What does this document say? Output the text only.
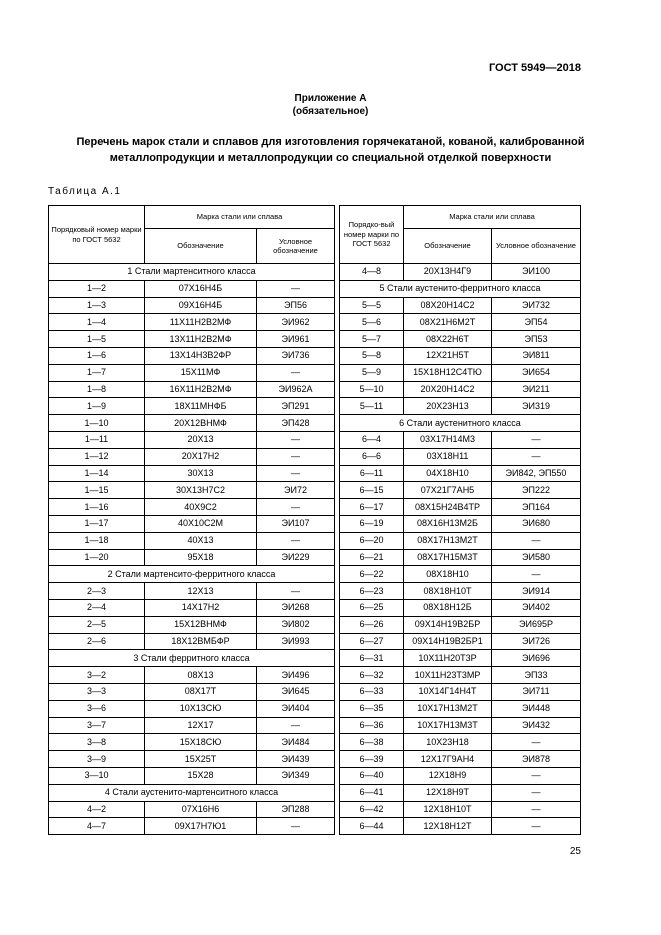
ГОСТ 5949—2018
Приложение А
(обязательное)
Перечень марок стали и сплавов для изготовления горячекатаной, кованой, калиброванной
металлопродукции и металлопродукции со специальной отделкой поверхности
Таблица А.1
Порядковый номер марки по ГОСТ 5632	Марка стали или сплава	
	Обозначение	Условное обозначение
1 Стали мартенситного класса		
1—2	07Х16Н4Б	—
1—3	09Х16Н4Б	ЭП56
1—4	11Х11Н2В2МФ	ЭИ962
1—5	13Х11Н2В2МФ	ЭИ961
1—6	13Х14Н3В2ФР	ЭИ736
1—7	15Х11МФ	—
1—8	16Х11Н2В2МФ	ЭИ962А
1—9	18Х11МНФБ	ЭП291
1—10	20Х12ВНМФ	ЭП428
1—11	20Х13	—
1—12	20Х17Н2	—
1—14	30Х13	—
1—15	30Х13Н7С2	ЭИ72
1—16	40Х9С2	—
1—17	40Х10С2М	ЭИ107
1—18	40Х13	—
1—20	95Х18	ЭИ229
2 Стали мартенсито-ферритного класса		
2—3	12Х13	—
2—4	14Х17Н2	ЭИ268
2—5	15Х12ВНМФ	ЭИ802
2—6	18Х12ВМБФР	ЭИ993
3 Стали ферритного класса		
3—2	08Х13	ЭИ496
3—3	08Х17Т	ЭИ645
3—6	10Х13СЮ	ЭИ404
3—7	12Х17	—
3—8	15Х18СЮ	ЭИ484
3—9	15Х25Т	ЭИ439
3—10	15Х28	ЭИ349
4 Стали аустенито-мартенситного класса		
4—2	07Х16Н6	ЭП288
4—7	09Х17Н7Ю1	—
Порядко-вый номер марки по ГОСТ 5632	Марка стали или сплава	
	Обозначение	Условное обозначение
4—8	20Х13Н4Г9	ЭИ100
5 Стали аустенито-ферритного класса		
5—5	08Х20Н14С2	ЭИ732
5—6	08Х21Н6М2Т	ЭП54
5—7	08Х22Н6Т	ЭП53
5—8	12Х21Н5Т	ЭИ811
5—9	15Х18Н12С4ТЮ	ЭИ654
5—10	20Х20Н14С2	ЭИ211
5—11	20Х23Н13	ЭИ319
6 Стали аустенитного класса		
6—4	03Х17Н14М3	—
6—6	03Х18Н11	—
6—11	04Х18Н10	ЭИ842, ЭП550
6—15	07Х21Г7АН5	ЭП222
6—17	08Х15Н24В4ТР	ЭП164
6—19	08Х16Н13М2Б	ЭИ680
6—20	08Х17Н13М2Т	—
6—21	08Х17Н15М3Т	ЭИ580
6—22	08Х18Н10	—
6—23	08Х18Н10Т	ЭИ914
6—25	08Х18Н12Б	ЭИ402
6—26	09Х14Н19В2БР	ЭИ695Р
6—27	09Х14Н19В2БР1	ЭИ726
6—31	10Х11Н20Т3Р	ЭИ696
6—32	10Х11Н23Т3МР	ЭП33
6—33	10Х14Г14Н4Т	ЭИ711
6—35	10Х17Н13М2Т	ЭИ448
6—36	10Х17Н13М3Т	ЭИ432
6—38	10Х23Н18	—
6—39	12Х17Г9АН4	ЭИ878
6—40	12Х18Н9	—
6—41	12Х18Н9Т	—
6—42	12Х18Н10Т	—
6—44	12Х18Н12Т	—
25
